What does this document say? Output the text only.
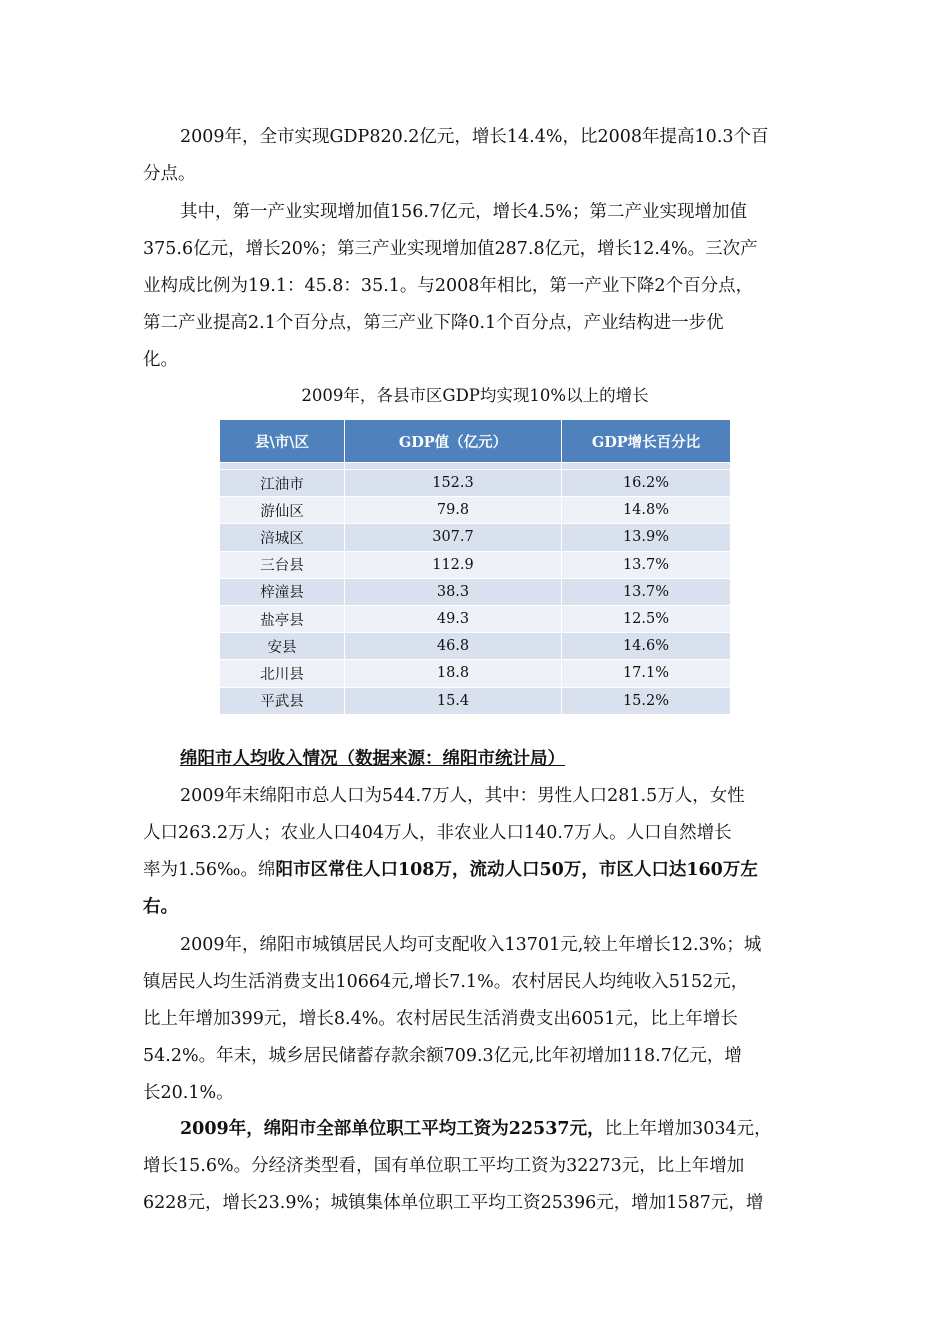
2009年，全市实现GDP820.2亿元，增长14.4%，比2008年提高10.3个百
分点。

其中，第一产业实现增加值156.7亿元，增长4.5%；第二产业实现增加值
375.6亿元，增长20%；第三产业实现增加值287.8亿元，增长12.4%。三次产
业构成比例为19.1：45.8：35.1。与2008年相比，第一产业下降2个百分点，
第二产业提高2.1个百分点，第三产业下降0.1个百分点，产业结构进一步优
化。

2009年，各县市区GDP均实现10%以上的增长
县\市\区	GDP值（亿元）	GDP增长百分比

江油市	152.3	16.2%
游仙区	79.8	14.8%
涪城区	307.7	13.9%
三台县	112.9	13.7%
梓潼县	38.3	13.7%
盐亭县	49.3	12.5%
安县	46.8	14.6%
北川县	18.8	17.1%
平武县	15.4	15.2%
绵阳市人均收入情况（数据来源：绵阳市统计局）

2009年末绵阳市总人口为544.7万人，其中：男性人口281.5万人，女性
人口263.2万人；农业人口404万人，非农业人口140.7万人。人口自然增长
率为1.56‰。绵阳市区常住人口108万，流动人口50万，市区人口达160万左
右。

2009年，绵阳市城镇居民人均可支配收入13701元,较上年增长12.3%；城
镇居民人均生活消费支出10664元,增长7.1%。农村居民人均纯收入5152元，
比上年增加399元，增长8.4%。农村居民生活消费支出6051元，比上年增长
54.2%。年末，城乡居民储蓄存款余额709.3亿元,比年初增加118.7亿元，增
长20.1%。

2009年，绵阳市全部单位职工平均工资为22537元，比上年增加3034元，
增长15.6%。分经济类型看，国有单位职工平均工资为32273元，比上年增加
6228元，增长23.9%；城镇集体单位职工平均工资25396元，增加1587元，增
